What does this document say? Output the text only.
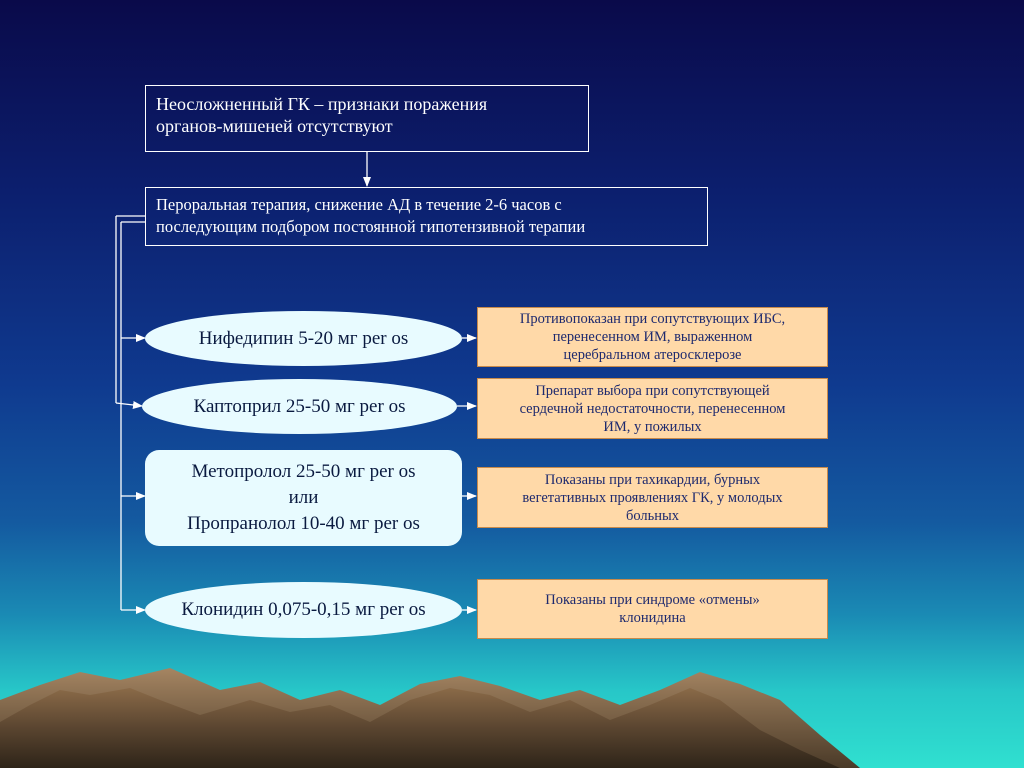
Неосложненный ГК – признаки поражения
органов-мишеней отсутствуют
Пероральная терапия, снижение АД в течение 2-6 часов с
последующим подбором постоянной гипотензивной терапии
Нифедипин 5-20 мг per os
Каптоприл 25-50 мг per os
Метопролол 25-50 мг per os
или
Пропранолол 10-40 мг per os
Клонидин 0,075-0,15 мг per os
Противопоказан при сопутствующих ИБС,
перенесенном ИМ, выраженном
церебральном атеросклерозе
Препарат выбора при сопутствующей
сердечной недостаточности, перенесенном
ИМ, у пожилых
Показаны при тахикардии, бурных
вегетативных проявлениях ГК, у молодых
больных
Показаны при синдроме «отмены»
клонидина
